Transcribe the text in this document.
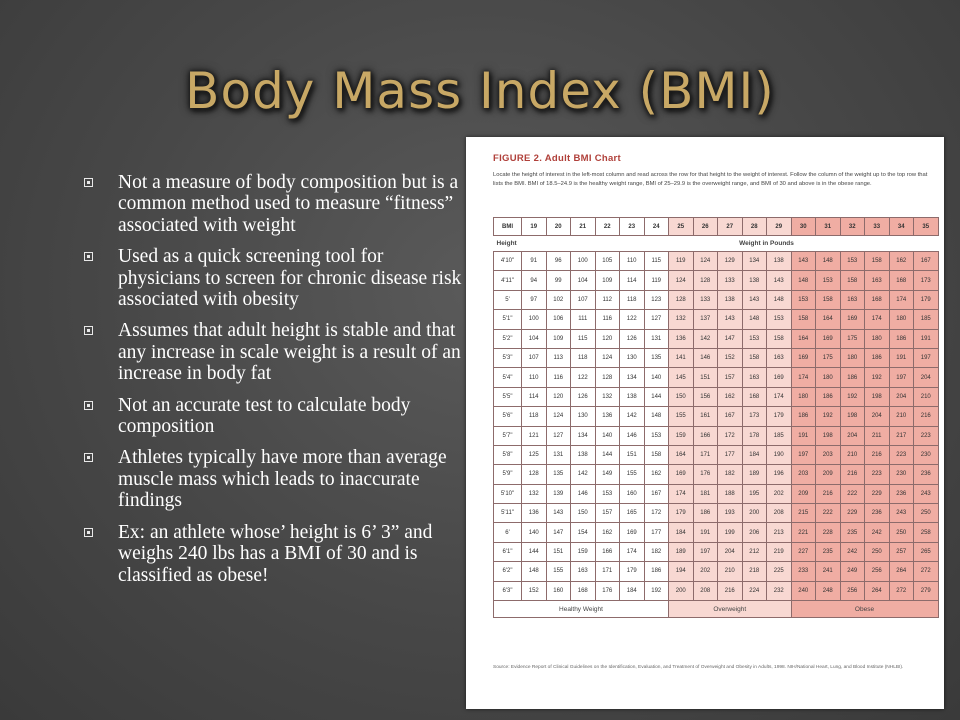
Body Mass Index (BMI)
Not a measure of body composition but is a common method used to measure “fitness” associated with weight
Used as a quick screening tool for physicians to screen for chronic disease risk associated with obesity
Assumes that adult height is stable and that any increase in scale weight is a result of an increase in body fat
Not an accurate test to calculate body composition
Athletes typically have more than average muscle mass which leads to inaccurate findings
Ex: an athlete whose’ height is 6’ 3” and weighs 240 lbs has a BMI of 30 and is classified as obese!
FIGURE 2. Adult BMI Chart
Locate the height of interest in the left-most column and read across the row for that height to the weight of interest. Follow the column of the weight up to the top row that lists the BMI. BMI of 18.5–24.9 is the healthy weight range, BMI of 25–29.9 is the overweight range, and BMI of 30 and above is in the obese range.
BMI	19	20	21	22	23	24	25	26	27	28	29	30	31	32	33	34	35
Height				Weight in Pounds													
4'10"	91	96	100	105	110	115	119	124	129	134	138	143	148	153	158	162	167
4'11"	94	99	104	109	114	119	124	128	133	138	143	148	153	158	163	168	173
5'	97	102	107	112	118	123	128	133	138	143	148	153	158	163	168	174	179
5'1"	100	106	111	116	122	127	132	137	143	148	153	158	164	169	174	180	185
5'2"	104	109	115	120	126	131	136	142	147	153	158	164	169	175	180	186	191
5'3"	107	113	118	124	130	135	141	146	152	158	163	169	175	180	186	191	197
5'4"	110	116	122	128	134	140	145	151	157	163	169	174	180	186	192	197	204
5'5"	114	120	126	132	138	144	150	156	162	168	174	180	186	192	198	204	210
5'6"	118	124	130	136	142	148	155	161	167	173	179	186	192	198	204	210	216
5'7"	121	127	134	140	146	153	159	166	172	178	185	191	198	204	211	217	223
5'8"	125	131	138	144	151	158	164	171	177	184	190	197	203	210	216	223	230
5'9"	128	135	142	149	155	162	169	176	182	189	196	203	209	216	223	230	236
5'10"	132	139	146	153	160	167	174	181	188	195	202	209	216	222	229	236	243
5'11"	136	143	150	157	165	172	179	186	193	200	208	215	222	229	236	243	250
6'	140	147	154	162	169	177	184	191	199	206	213	221	228	235	242	250	258
6'1"	144	151	159	166	174	182	189	197	204	212	219	227	235	242	250	257	265
6'2"	148	155	163	171	179	186	194	202	210	218	225	233	241	249	256	264	272
6'3"	152	160	168	176	184	192	200	208	216	224	232	240	248	256	264	272	279
Healthy Weight							Overweight					Obese					
Source: Evidence Report of Clinical Guidelines on the Identification, Evaluation, and Treatment of Overweight and Obesity in Adults, 1998. NIH/National Heart, Lung, and Blood Institute (NHLBI).
